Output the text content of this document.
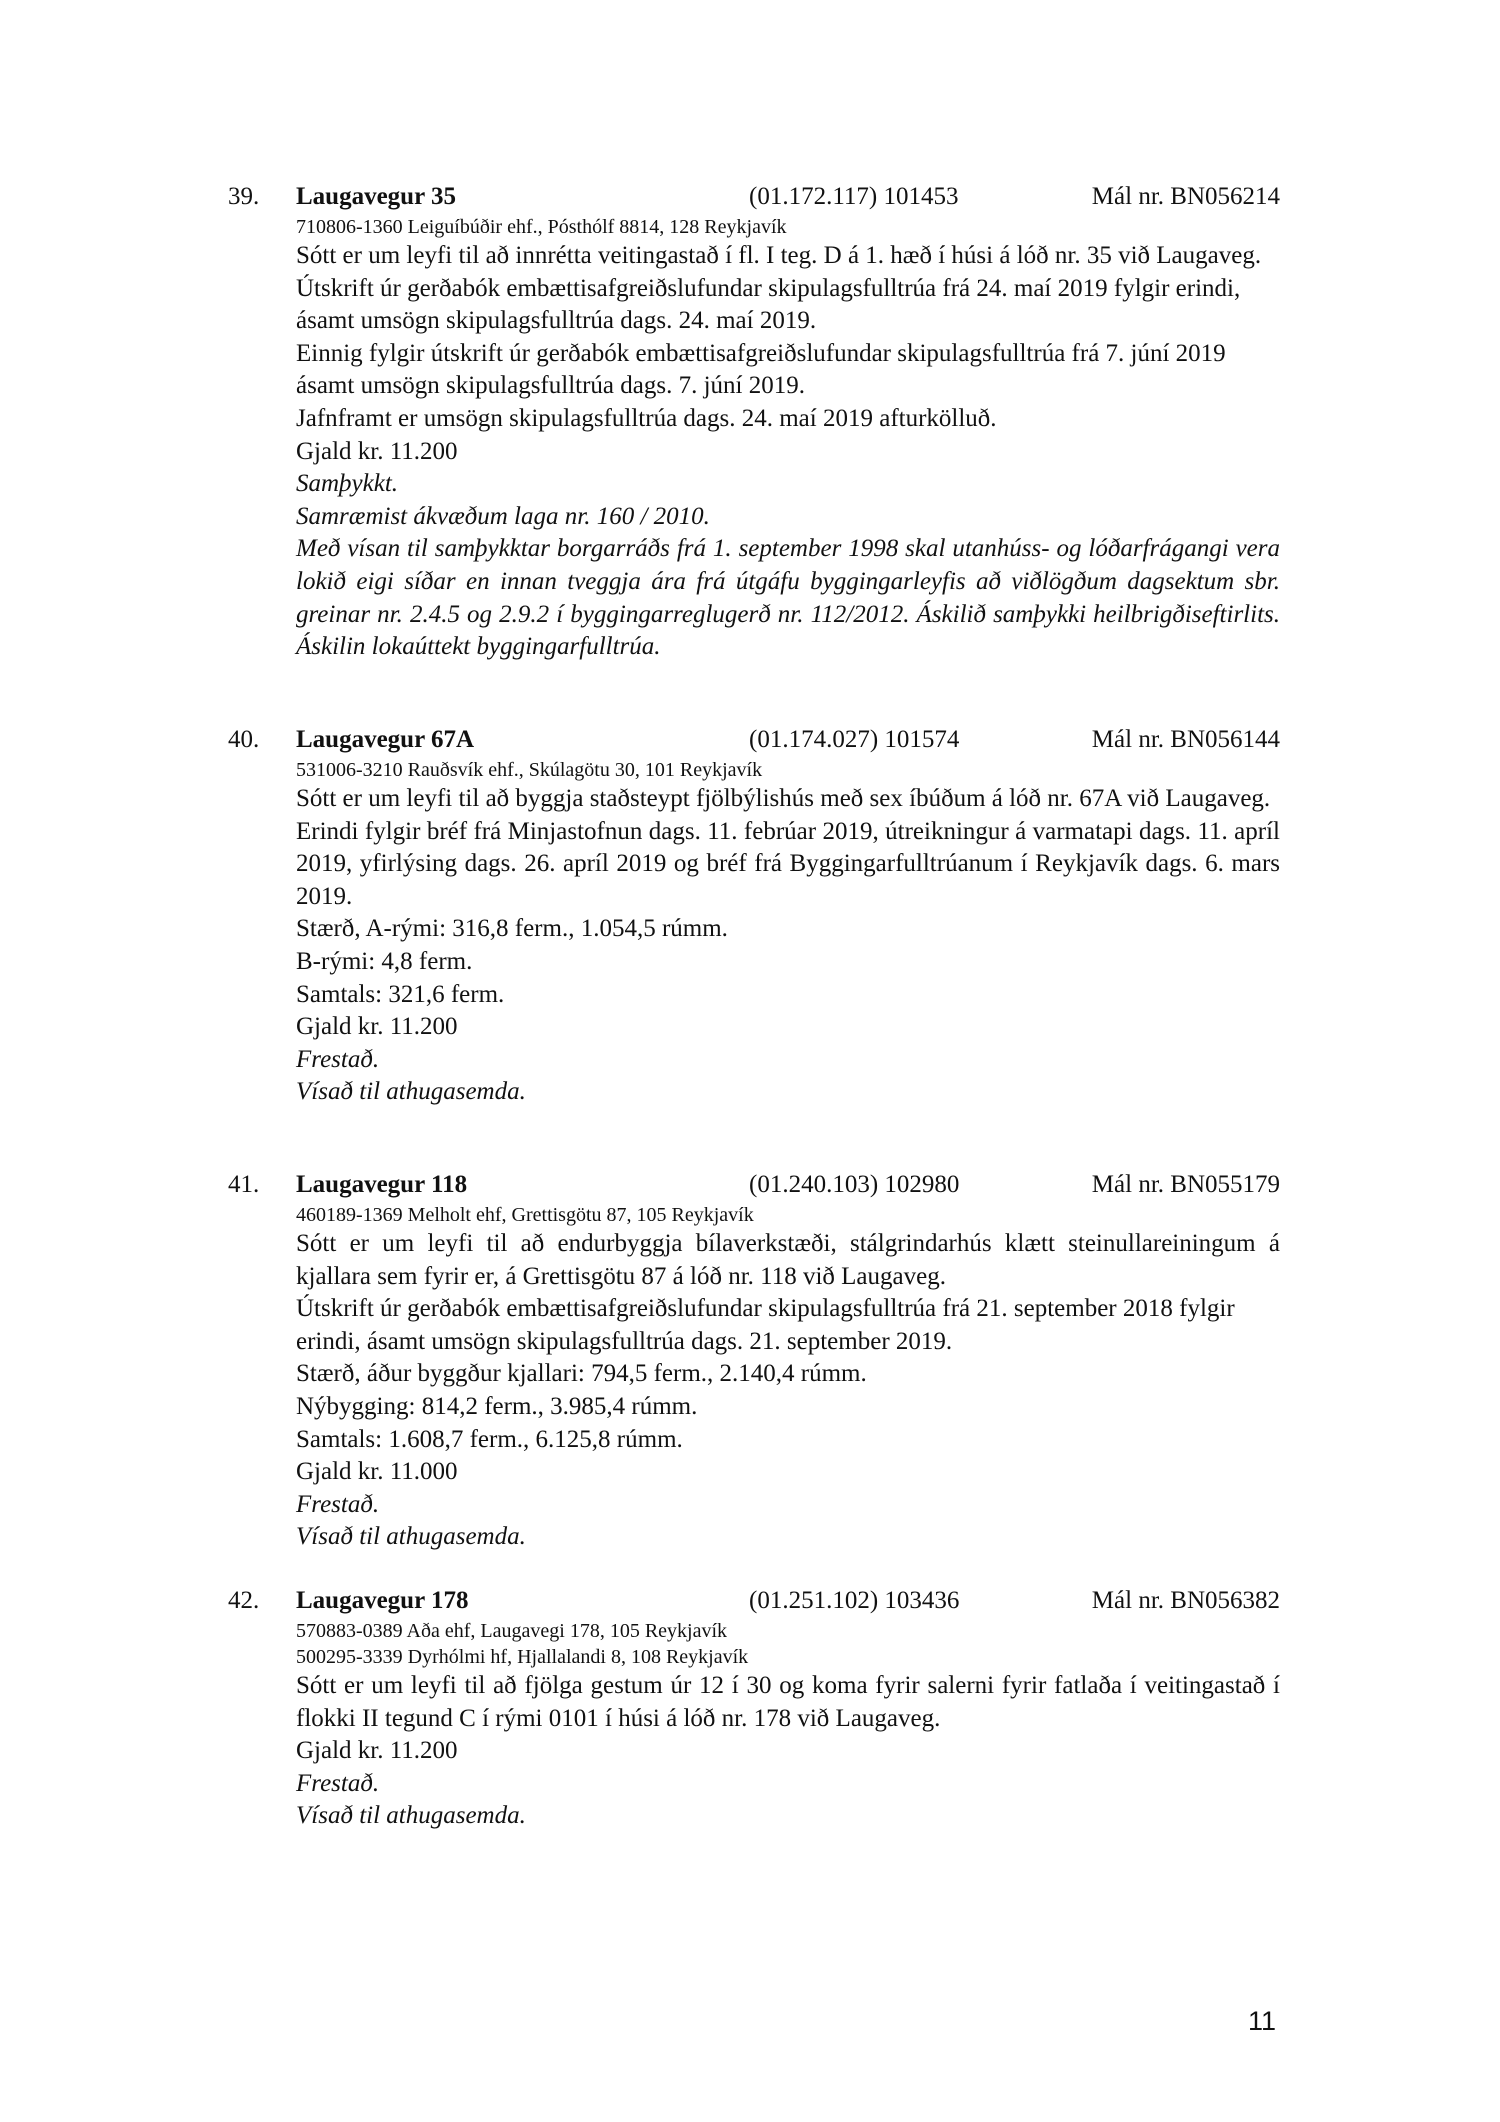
39. Laugavegur 35	(01.172.117) 101453	Mál nr. BN056214
710806-1360 Leiguíbúðir ehf., Pósthólf 8814, 128 Reykjavík

Sótt er um leyfi til að innrétta veitingastað í fl. I teg. D á 1. hæð í húsi á lóð nr. 35 við Laugaveg.

Útskrift úr gerðabók embættisafgreiðslufundar skipulagsfulltrúa frá 24. maí 2019 fylgir erindi, ásamt umsögn skipulagsfulltrúa dags. 24. maí 2019.

Einnig fylgir útskrift úr gerðabók embættisafgreiðslufundar skipulagsfulltrúa frá 7. júní 2019 ásamt umsögn skipulagsfulltrúa dags. 7. júní 2019.

Jafnframt er umsögn skipulagsfulltrúa dags. 24. maí 2019 afturkölluð.

Gjald kr. 11.200

Samþykkt.

Samræmist ákvæðum laga nr. 160 / 2010.

Með vísan til samþykktar borgarráðs frá 1. september 1998 skal utanhúss- og lóðarfrágangi vera lokið eigi síðar en innan tveggja ára frá útgáfu byggingarleyfis að viðlögðum dagsektum sbr. greinar nr. 2.4.5 og 2.9.2 í byggingarreglugerð nr. 112/2012. Áskilið samþykki heilbrigðiseftirlits. Áskilin lokaúttekt byggingarfulltrúa.

40. Laugavegur 67A	(01.174.027) 101574	Mál nr. BN056144
531006-3210 Rauðsvík ehf., Skúlagötu 30, 101 Reykjavík

Sótt er um leyfi til að byggja staðsteypt fjölbýlishús með sex íbúðum á lóð nr. 67A við Laugaveg.

Erindi fylgir bréf frá Minjastofnun dags. 11. febrúar 2019, útreikningur á varmatapi dags. 11. apríl 2019, yfirlýsing dags. 26. apríl 2019 og bréf frá Byggingarfulltrúanum í Reykjavík dags. 6. mars 2019.

Stærð, A-rými: 316,8 ferm., 1.054,5 rúmm.

B-rými: 4,8 ferm.

Samtals: 321,6 ferm.

Gjald kr. 11.200

Frestað.

Vísað til athugasemda.

41. Laugavegur 118	(01.240.103) 102980	Mál nr. BN055179
460189-1369 Melholt ehf, Grettisgötu 87, 105 Reykjavík

Sótt er um leyfi til að endurbyggja bílaverkstæði, stálgrindarhús klætt steinullareiningum á kjallara sem fyrir er, á Grettisgötu 87 á lóð nr. 118 við Laugaveg.

Útskrift úr gerðabók embættisafgreiðslufundar skipulagsfulltrúa frá 21. september 2018 fylgir erindi, ásamt umsögn skipulagsfulltrúa dags. 21. september 2019.

Stærð, áður byggður kjallari: 794,5 ferm., 2.140,4 rúmm.

Nýbygging: 814,2 ferm., 3.985,4 rúmm.

Samtals: 1.608,7 ferm., 6.125,8 rúmm.

Gjald kr. 11.000

Frestað.

Vísað til athugasemda.

42. Laugavegur 178	(01.251.102) 103436	Mál nr. BN056382
570883-0389 Aða ehf, Laugavegi 178, 105 Reykjavík
500295-3339 Dyrhólmi hf, Hjallalandi 8, 108 Reykjavík

Sótt er um leyfi til að fjölga gestum úr 12 í 30 og koma fyrir salerni fyrir fatlaða í veitingastað í flokki II tegund C í rými 0101 í húsi á lóð nr. 178 við Laugaveg.

Gjald kr. 11.200

Frestað.

Vísað til athugasemda.

11
